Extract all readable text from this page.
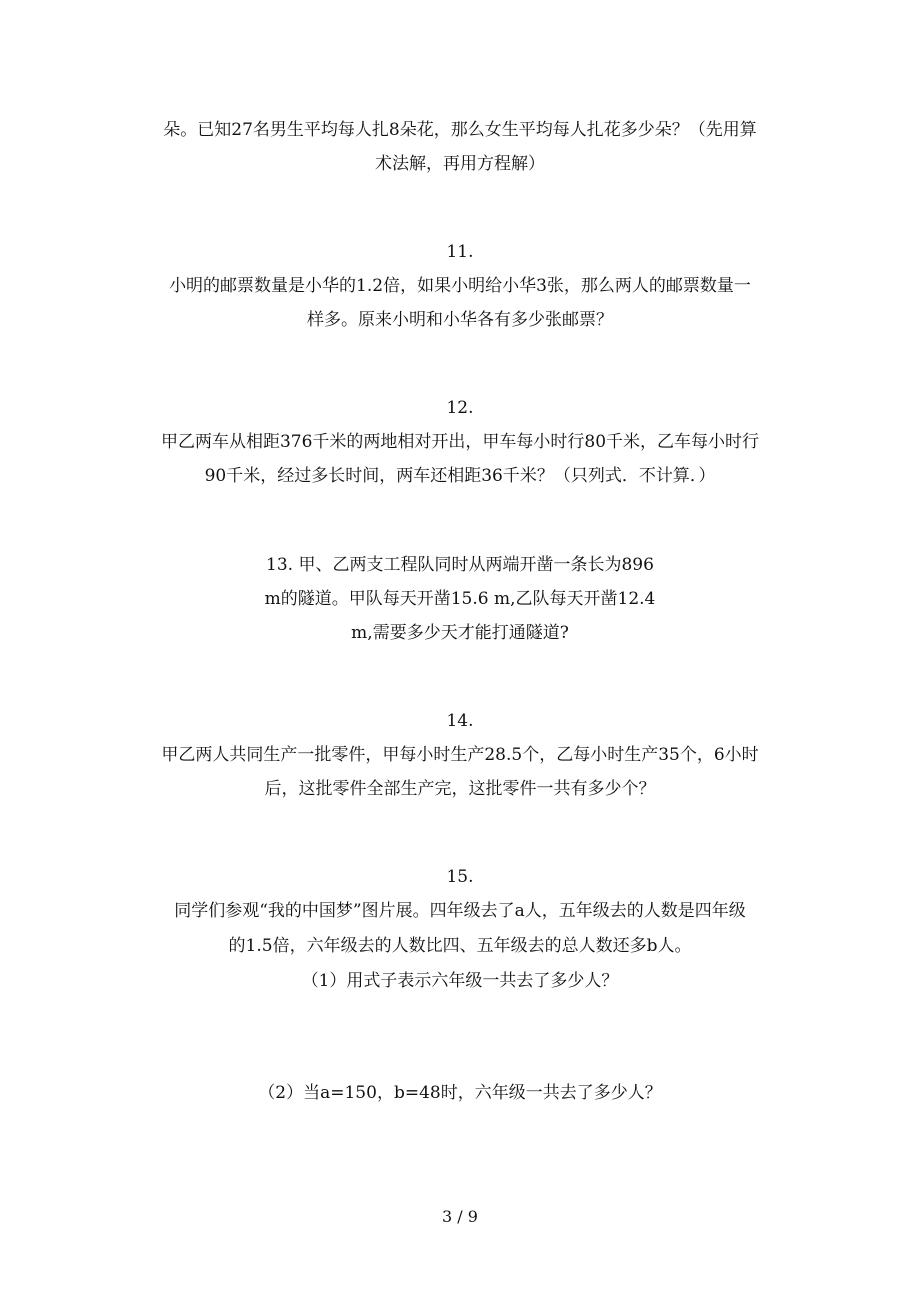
朵。已知27名男生平均每人扎8朵花，那么女生平均每人扎花多少朵？（先用算
术法解，再用方程解）
11.
小明的邮票数量是小华的1.2倍，如果小明给小华3张，那么两人的邮票数量一
样多。原来小明和小华各有多少张邮票？
12.
甲乙两车从相距376千米的两地相对开出，甲车每小时行80千米，乙车每小时行
90千米，经过多长时间，两车还相距36千米？（只列式．不计算．）
13. 甲、乙两支工程队同时从两端开凿一条长为896
m的隧道。甲队每天开凿15.6 m,乙队每天开凿12.4
m,需要多少天才能打通隧道?
14.
甲乙两人共同生产一批零件，甲每小时生产28.5个，乙每小时生产35个，6小时
后，这批零件全部生产完，这批零件一共有多少个？
15.
同学们参观“我的中国梦”图片展。四年级去了a人，五年级去的人数是四年级
的1.5倍，六年级去的人数比四、五年级去的总人数还多b人。
（1）用式子表示六年级一共去了多少人？
（2）当a=150，b=48时，六年级一共去了多少人？
3 / 9
